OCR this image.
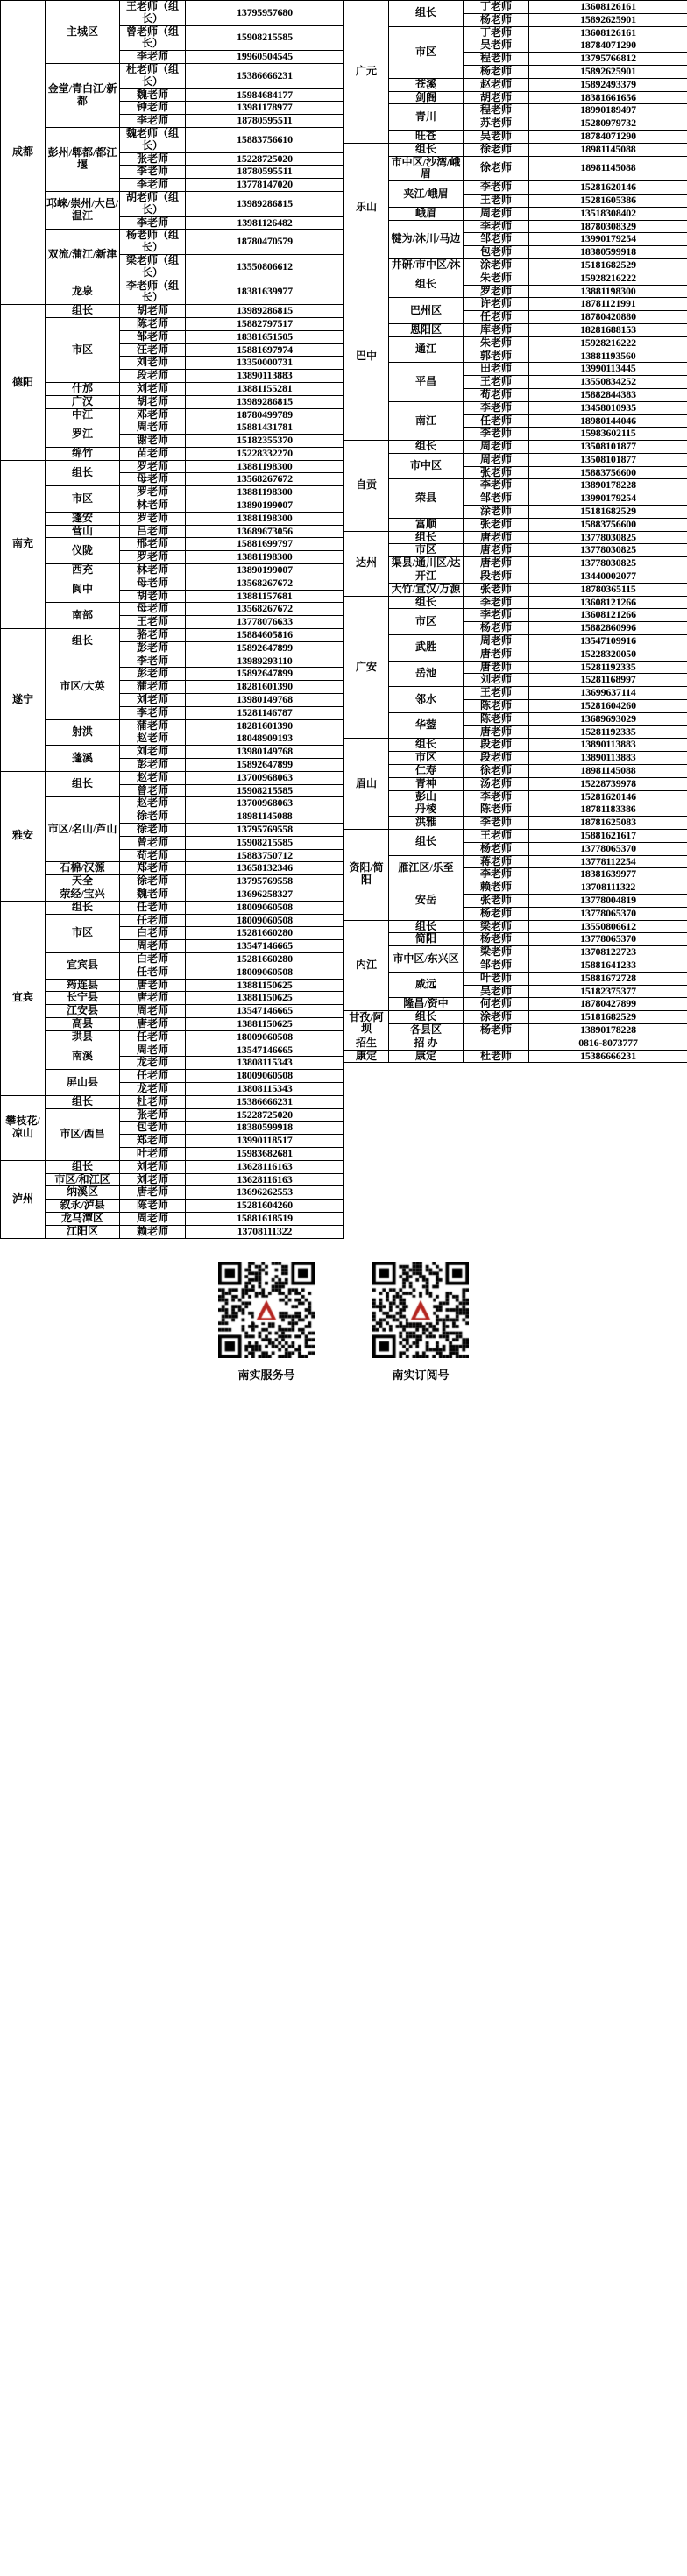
成都	主城区	王老师（组长）	13795957680
		曾老师（组长）	15908215585
		李老师	19960504545
	金堂/青白江/新都	杜老师（组长）	15386666231
		魏老师	15984684177
		钟老师	13981178977
		李老师	18780595511
	彭州/郫都/都江堰	魏老师（组长）	15883756610
		张老师	15228725020
		李老师	18780595511
		李老师	13778147020
	邛崃/崇州/大邑/温江	胡老师（组长）	13989286815
		李老师	13981126482
	双流/蒲江/新津	杨老师（组长）	18780470579
		梁老师（组长）	13550806612
	龙泉	李老师（组长）	18381639977
德阳	组长	胡老师	13989286815
	市区	陈老师	15882797517
		邹老师	18381651505
		汪老师	15881697974
		刘老师	13350000731
		段老师	13890113883
	什邡	刘老师	13881155281
	广汉	胡老师	13989286815
	中江	邓老师	18780499789
	罗江	周老师	15881431781
		谢老师	15182355370
	绵竹	苗老师	15228332270
南充	组长	罗老师	13881198300
		母老师	13568267672
	市区	罗老师	13881198300
		林老师	13890199007
	蓬安	罗老师	13881198300
	营山	吕老师	13689673056
	仪陇	邢老师	15881699797
		罗老师	13881198300
	西充	林老师	13890199007
	阆中	母老师	13568267672
		胡老师	13881157681
	南部	母老师	13568267672
		王老师	13778076633
遂宁	组长	骆老师	15884605816
		彭老师	15892647899
	市区/大英	李老师	13989293110
		彭老师	15892647899
		蒲老师	18281601390
		刘老师	13980149768
		李老师	15281146787
	射洪	蒲老师	18281601390
		赵老师	18048909193
	蓬溪	刘老师	13980149768
		彭老师	15892647899
雅安	组长	赵老师	13700968063
		曾老师	15908215585
	市区/名山/芦山	赵老师	13700968063
		徐老师	18981145088
		徐老师	13795769558
		曾老师	15908215585
		苟老师	15883750712
	石棉/汉源	郑老师	13658132346
	天全	徐老师	13795769558
	荥经/宝兴	魏老师	13696258327
宜宾	组长	任老师	18009060508
	市区	任老师	18009060508
		白老师	15281660280
		周老师	13547146665
	宜宾县	白老师	15281660280
		任老师	18009060508
	筠连县	唐老师	13881150625
	长宁县	唐老师	13881150625
	江安县	周老师	13547146665
	高县	唐老师	13881150625
	珙县	任老师	18009060508
	南溪	周老师	13547146665
		龙老师	13808115343
	屏山县	任老师	18009060508
		龙老师	13808115343
攀枝花/凉山	组长	杜老师	15386666231
	市区/西昌	张老师	15228725020
		包老师	18380599918
		郑老师	13990118517
		叶老师	15983682681
泸州	组长	刘老师	13628116163
	市区/和江区	刘老师	13628116163
	纳溪区	唐老师	13696262553
	叙永/泸县	陈老师	15281604260
	龙马潭区	周老师	15881618519
	江阳区	赖老师	13708111322
广元	组长	丁老师	13608126161
		杨老师	15892625901
	市区	丁老师	13608126161
		吴老师	18784071290
		程老师	13795766812
		杨老师	15892625901
	苍溪	赵老师	15892493379
	剑阁	胡老师	18381661656
	青川	程老师	18990189497
		苏老师	15280979732
	旺苍	吴老师	18784071290
乐山	组长	徐老师	18981145088
	市中区/沙湾/峨眉	徐老师	18981145088
	夹江/峨眉	李老师	15281620146
		王老师	15281605386
	峨眉	周老师	13518308402
	犍为/沐川/马边	李老师	18780308329
		邹老师	13990179254
		包老师	18380599918
	井研/市中区/沐	涂老师	15181682529
巴中	组长	朱老师	15928216222
		罗老师	13881198300
	巴州区	许老师	18781121991
		任老师	18780420880
	恩阳区	库老师	18281688153
	通江	朱老师	15928216222
		郭老师	13881193560
	平昌	田老师	13990113445
		王老师	13550834252
		苟老师	15882844383
	南江	李老师	13458010935
		任老师	18980144046
		李老师	15983602115
自贡	组长	周老师	13508101877
	市中区	周老师	13508101877
		张老师	15883756600
	荣县	李老师	13890178228
		邹老师	13990179254
		涂老师	15181682529
	富顺	张老师	15883756600
达州	组长	唐老师	13778030825
	市区	唐老师	13778030825
	渠县/通川区/达	唐老师	13778030825
	开江	段老师	13440002077
	大竹/宣汉/万源	张老师	18780365115
广安	组长	李老师	13608121266
	市区	李老师	13608121266
		杨老师	15882860996
	武胜	周老师	13547109916
		唐老师	15228320050
	岳池	唐老师	15281192335
		刘老师	15281168997
	邻水	王老师	13699637114
		陈老师	15281604260
	华蓥	陈老师	13689693029
		唐老师	15281192335
眉山	组长	段老师	13890113883
	市区	段老师	13890113883
	仁寿	徐老师	18981145088
	青神	汤老师	15228739978
	彭山	李老师	15281620146
	丹棱	陈老师	18781183386
	洪雅	李老师	18781625083
资阳/简阳	组长	王老师	15881621617
		杨老师	13778065370
	雁江区/乐至	蒋老师	13778112254
		李老师	18381639977
	安岳	赖老师	13708111322
		张老师	13778004819
		杨老师	13778065370
内江	组长	梁老师	13550806612
	简阳	杨老师	13778065370
	市中区/东兴区	梁老师	13708122723
		邹老师	15881641233
	威远	叶老师	15881672728
		吴老师	15182375377
	隆昌/资中	何老师	18780427899
甘孜/阿坝	组长	涂老师	15181682529
	各县区	杨老师	13890178228
招生	招 办		0816-8073777
康定	康定	杜老师	15386666231
南实服务号	南实订阅号
